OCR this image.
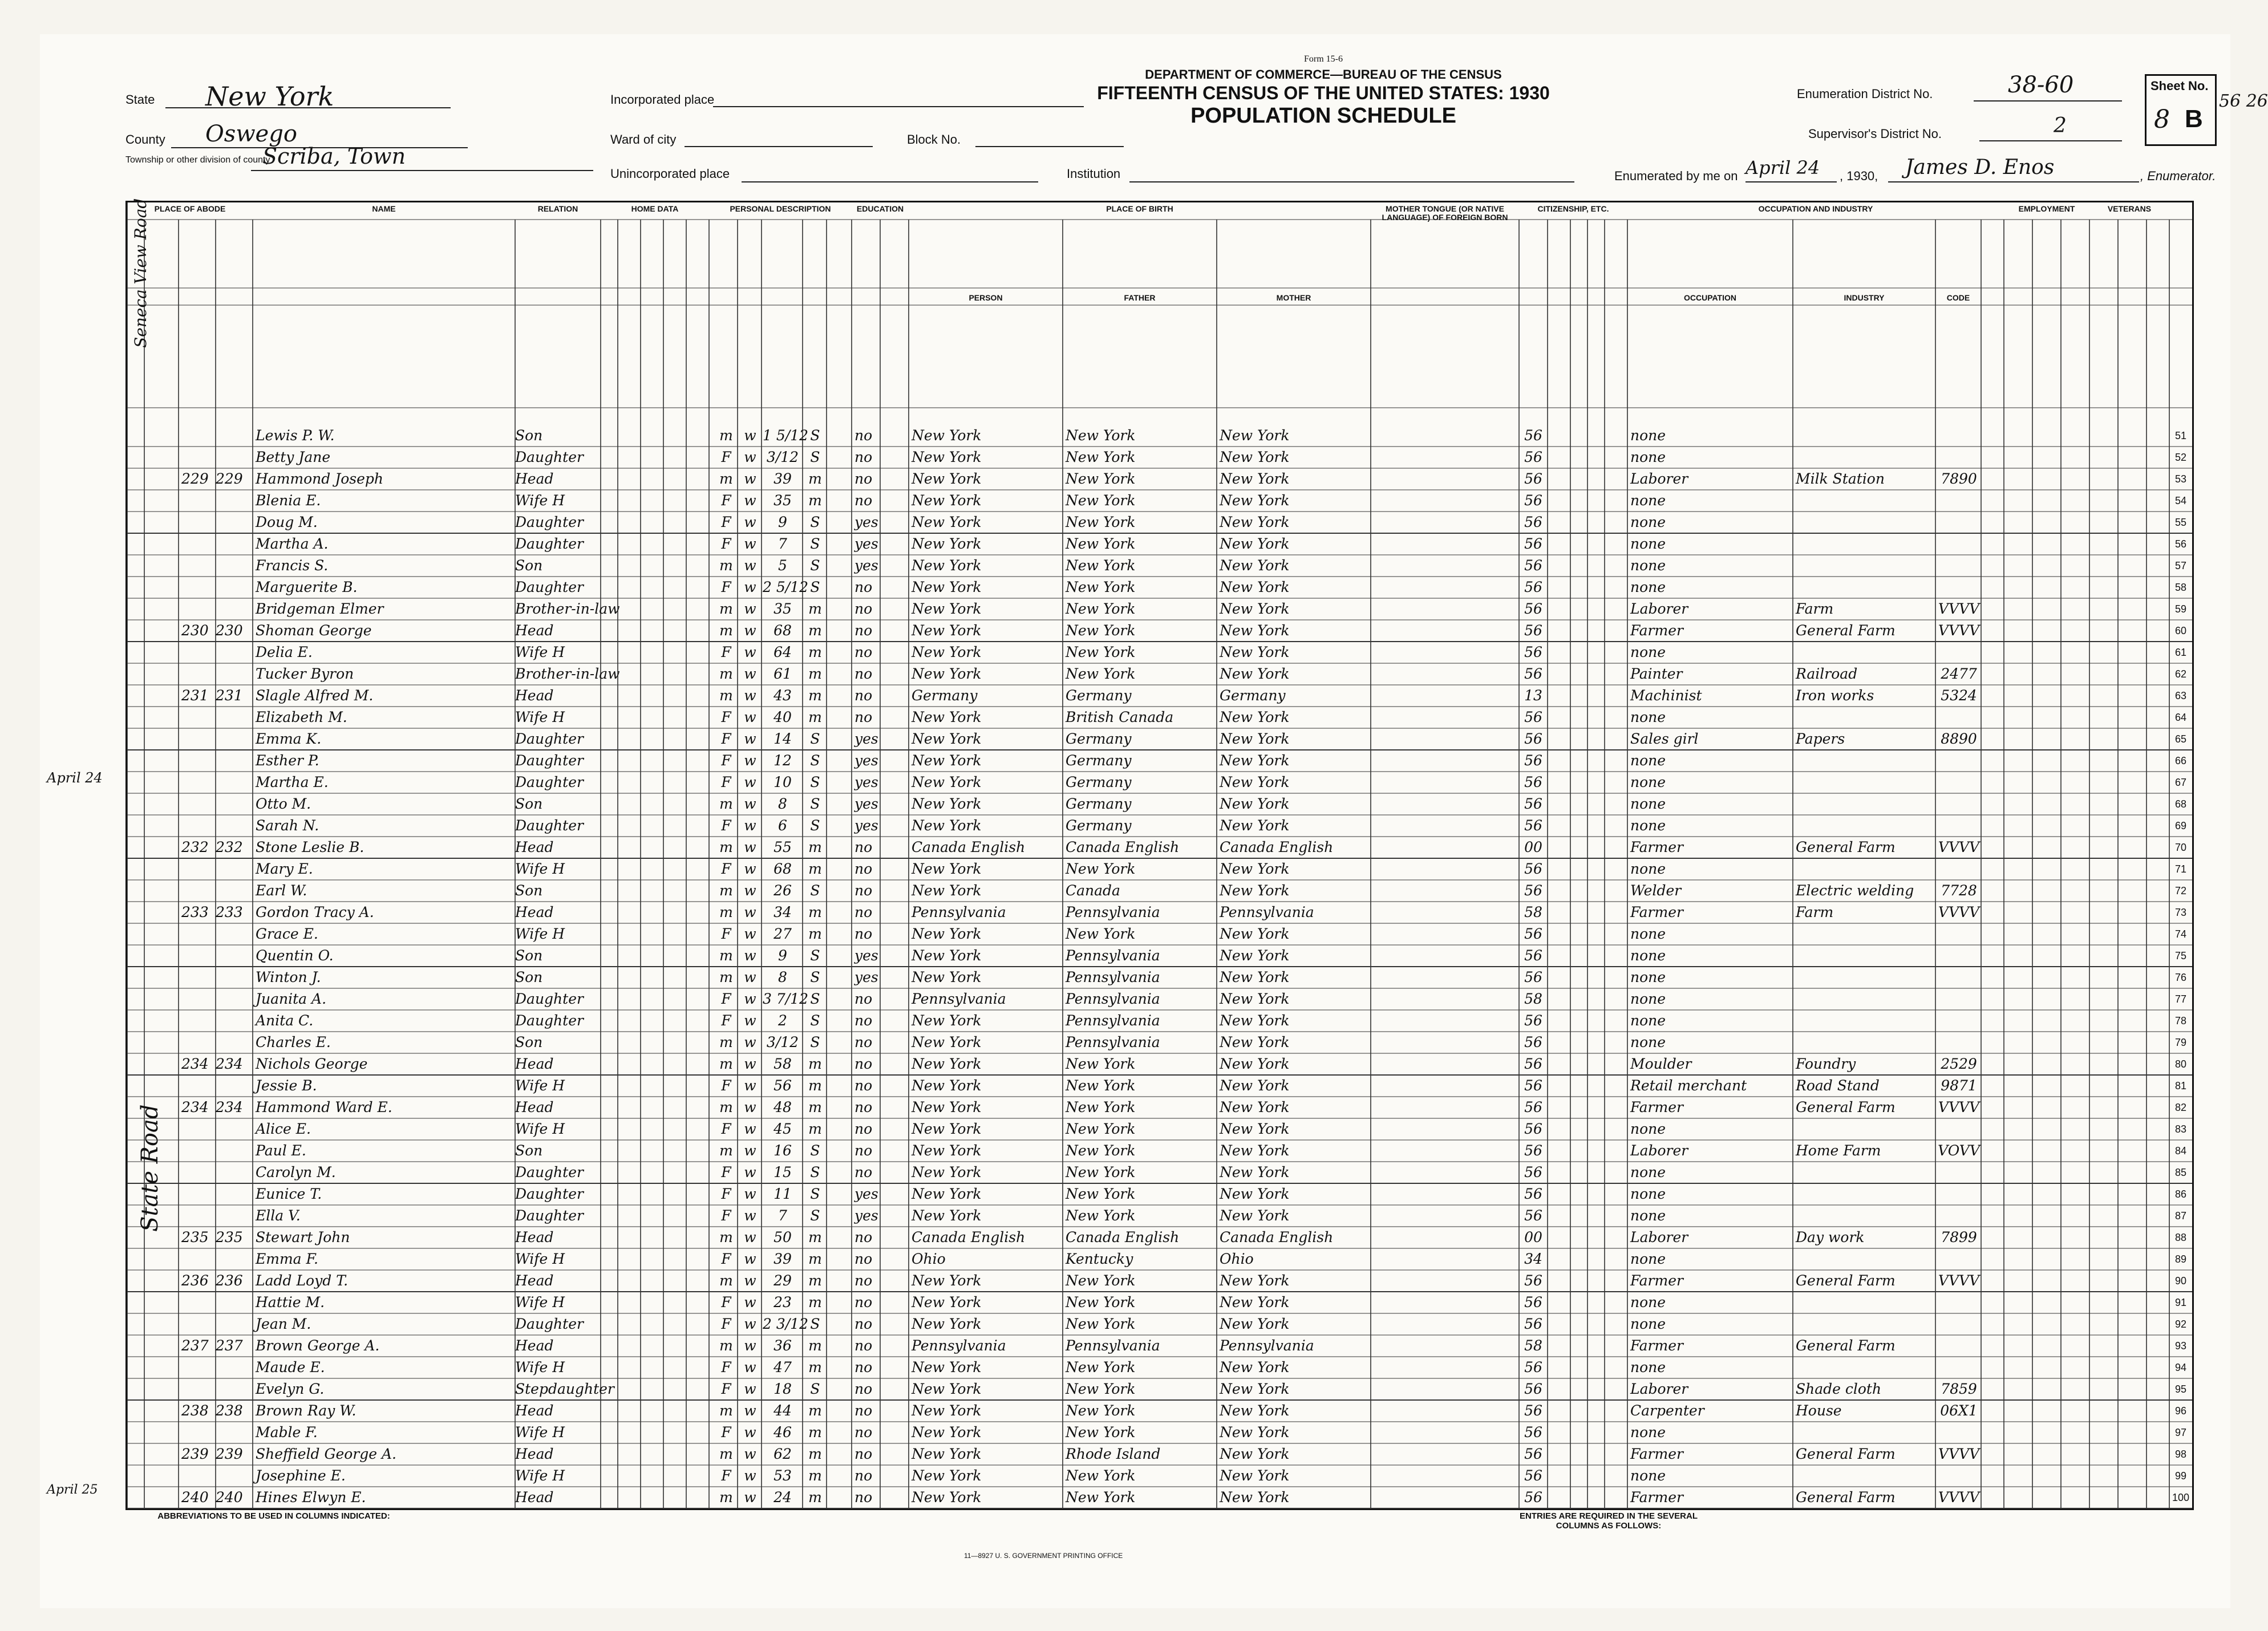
Form 15-6
DEPARTMENT OF COMMERCE—BUREAU OF THE CENSUS
FIFTEENTH CENSUS OF THE UNITED STATES: 1930
POPULATION SCHEDULE
State New York
County Oswego
Township or other division of county
Scriba, Town
Incorporated place
Ward of city	Block No.
Unincorporated place	Institution
Enumeration District No.	38-60
Supervisor's District No.	2
Sheet No.
8 B
56 26
Enumerated by me on April 24 , 1930, James D. Enos	, Enumerator.
PLACE OF ABODE	NAME	RELATION	HOME DATA	PERSONAL DESCRIPTION	EDUCATION	PLACE OF BIRTH	MOTHER TONGUE (OR NATIVE LANGUAGE) OF FOREIGN BORN
CITIZENSHIP, ETC.	OCCUPATION AND INDUSTRY	EMPLOYMENT	VETERANS
PERSON	FATHER	MOTHER	OCCUPATION	INDUSTRY	CODE
51
Lewis P. W.	Son	m w 1 5/12 S	no	New York	New York	New York	56	none
52
Betty Jane	Daughter	F w 3/12 S	no	New York	New York	New York	56	none
53
229 229 Hammond Joseph	Head	m w	39	m	no	New York	New York	New York	56	Laborer	Milk Station	7890
54
Blenia E.	Wife H	F w	35	m	no	New York	New York	New York	56	none
55
Doug M.	Daughter	F w	9	S	yes	New York	New York	New York	56	none
56
Martha A.	Daughter	F w	7	S	yes	New York	New York	New York	56	none
57
Francis S.	Son	m w	5	S	yes	New York	New York	New York	56	none
58
Marguerite B.	Daughter	F w 2 5/12 S	no	New York	New York	New York	56	none
59
Bridgeman Elmer	Brother-in-law	m w	35	m	no	New York	New York	New York	56	Laborer	Farm	VVVV
60
230 230 Shoman George	Head	m w	68	m	no	New York	New York	New York	56	Farmer	General Farm	VVVV
61
Delia E.	Wife H	F w	64	m	no	New York	New York	New York	56	none
62
Tucker Byron	Brother-in-law	m w	61	m	no	New York	New York	New York	56	Painter	Railroad	2477
63
231 231 Slagle Alfred M.	Head	m w	43	m	no	Germany	Germany	Germany	13	Machinist	Iron works	5324
64
Elizabeth M.	Wife H	F w	40	m	no	New York	British Canada	New York	56	none
65
Emma K.	Daughter	F w	14	S	yes	New York	Germany	New York	56	Sales girl	Papers	8890
66
Esther P.	Daughter	F w	12	S	yes	New York	Germany	New York	56	none
67
Martha E.	Daughter	F w	10	S	yes	New York	Germany	New York	56	none
68
Otto M.	Son	m w	8	S	yes	New York	Germany	New York	56	none
69
Sarah N.	Daughter	F w	6	S	yes	New York	Germany	New York	56	none
70
232 232 Stone Leslie B.	Head	m w	55	m	no	Canada English	Canada English	Canada English	00	Farmer	General Farm	VVVV
71
Mary E.	Wife H	F w	68	m	no	New York	New York	New York	56	none
72
Earl W.	Son	m w	26	S	no	New York	Canada	New York	56	Welder	Electric welding	7728
73
233 233 Gordon Tracy A.	Head	m w	34	m	no	Pennsylvania	Pennsylvania	Pennsylvania	58	Farmer	Farm	VVVV
74
Grace E.	Wife H	F w	27	m	no	New York	New York	New York	56	none
75
Quentin O.	Son	m w	9	S	yes	New York	Pennsylvania	New York	56	none
76
Winton J.	Son	m w	8	S	yes	New York	Pennsylvania	New York	56	none
77
Juanita A.	Daughter	F w 3 7/12 S	no	Pennsylvania	Pennsylvania	New York	58	none
78
Anita C.	Daughter	F w	2	S	no	New York	Pennsylvania	New York	56	none
79
Charles E.	Son	m w 3/12 S	no	New York	Pennsylvania	New York	56	none
80
234 234 Nichols George	Head	m w	58	m	no	New York	New York	New York	56	Moulder	Foundry	2529
81
Jessie B.	Wife H	F w	56	m	no	New York	New York	New York	56	Retail merchant	Road Stand	9871
82
234 234 Hammond Ward E.	Head	m w	48	m	no	New York	New York	New York	56	Farmer	General Farm	VVVV
83
Alice E.	Wife H	F w	45	m	no	New York	New York	New York	56	none
84
Paul E.	Son	m w	16	S	no	New York	New York	New York	56	Laborer	Home Farm	VOVV
85
Carolyn M.	Daughter	F w	15	S	no	New York	New York	New York	56	none
86
Eunice T.	Daughter	F w	11	S	yes	New York	New York	New York	56	none
87
Ella V.	Daughter	F w	7	S	yes	New York	New York	New York	56	none
88
235 235 Stewart John	Head	m w	50	m	no	Canada English	Canada English	Canada English	00	Laborer	Day work	7899
89
Emma F.	Wife H	F w	39	m	no	Ohio	Kentucky	Ohio	34	none
90
236 236 Ladd Loyd T.	Head	m w	29	m	no	New York	New York	New York	56	Farmer	General Farm	VVVV
91
Hattie M.	Wife H	F w	23	m	no	New York	New York	New York	56	none
92
Jean M.	Daughter	F w 2 3/12 S	no	New York	New York	New York	56	none
93
237 237 Brown George A.	Head	m w	36	m	no	Pennsylvania	Pennsylvania	Pennsylvania	58	Farmer	General Farm
94
Maude E.	Wife H	F w	47	m	no	New York	New York	New York	56	none
95
Evelyn G.	Stepdaughter	F w	18	S	no	New York	New York	New York	56	Laborer	Shade cloth	7859
96
238 238 Brown Ray W.	Head	m w	44	m	no	New York	New York	New York	56	Carpenter	House	06X1
97
Mable F.	Wife H	F w	46	m	no	New York	New York	New York	56	none
98
239 239 Sheffield George A.	Head	m w	62	m	no	New York	Rhode Island	New York	56	Farmer	General Farm	VVVV
99
Josephine E.	Wife H	F w	53	m	no	New York	New York	New York	56	none
100
240 240 Hines Elwyn E.	Head	m w	24	m	no	New York	New York	New York	56	Farmer	General Farm	VVVV
Seneca View Road
State Road
April 24
April 25
ABBREVIATIONS TO BE USED IN COLUMNS INDICATED:	ENTRIES ARE REQUIRED IN THE SEVERAL COLUMNS AS FOLLOWS:
11—8927 U. S. GOVERNMENT PRINTING OFFICE
